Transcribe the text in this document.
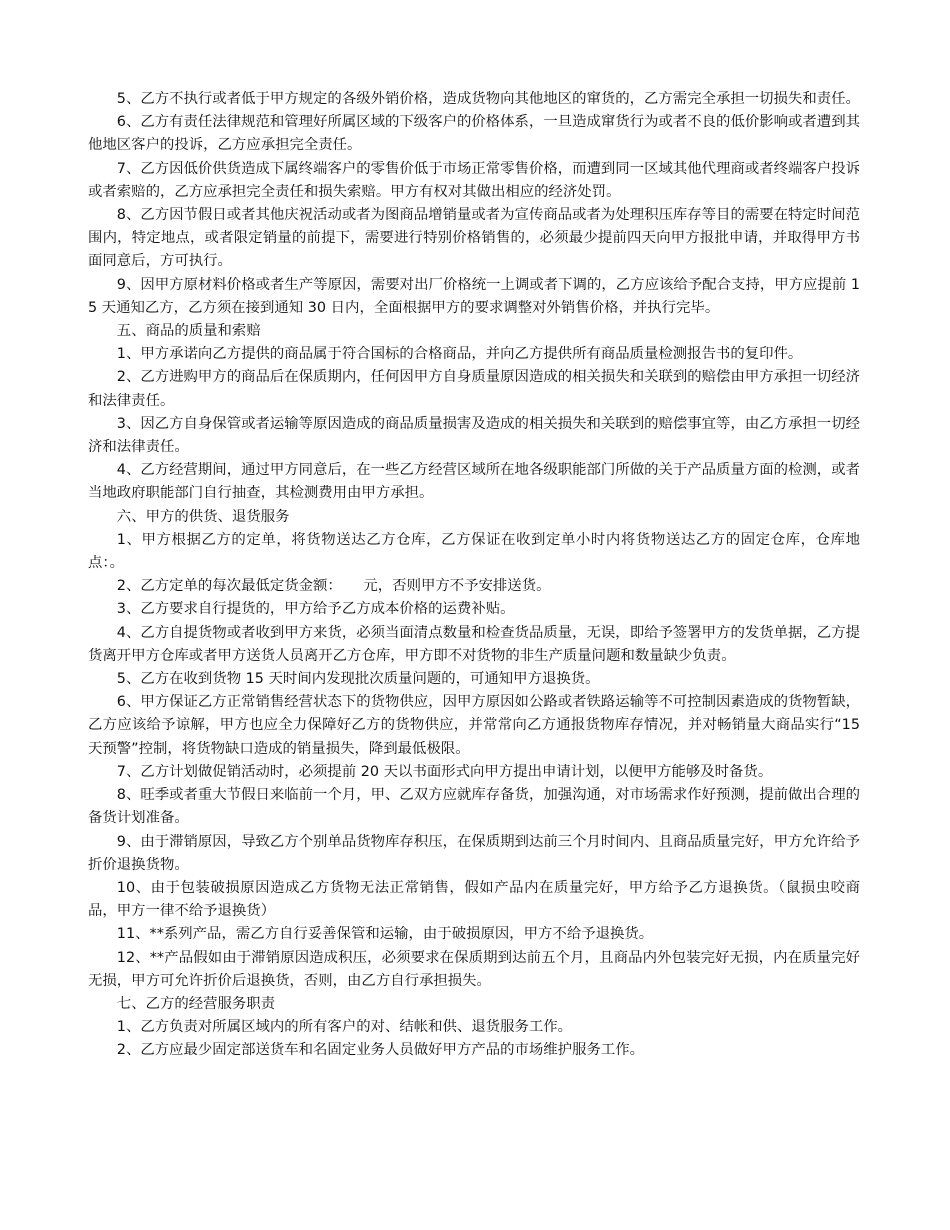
5、乙方不执行或者低于甲方规定的各级外销价格，造成货物向其他地区的窜货的，乙方需完全承担一切损失和责任。

6、乙方有责任法律规范和管理好所属区域的下级客户的价格体系，一旦造成窜货行为或者不良的低价影响或者遭到其他地区客户的投诉，乙方应承担完全责任。

7、乙方因低价供货造成下属终端客户的零售价低于市场正常零售价格，而遭到同一区域其他代理商或者终端客户投诉或者索赔的，乙方应承担完全责任和损失索赔。甲方有权对其做出相应的经济处罚。

8、乙方因节假日或者其他庆祝活动或者为图商品增销量或者为宣传商品或者为处理积压库存等目的需要在特定时间范围内，特定地点，或者限定销量的前提下，需要进行特别价格销售的，必须最少提前四天向甲方报批申请，并取得甲方书面同意后，方可执行。

9、因甲方原材料价格或者生产等原因，需要对出厂价格统一上调或者下调的，乙方应该给予配合支持，甲方应提前 15 天通知乙方，乙方须在接到通知 30 日内，全面根据甲方的要求调整对外销售价格，并执行完毕。

五、商品的质量和索赔

1、甲方承诺向乙方提供的商品属于符合国标的合格商品，并向乙方提供所有商品质量检测报告书的复印件。

2、乙方进购甲方的商品后在保质期内，任何因甲方自身质量原因造成的相关损失和关联到的赔偿由甲方承担一切经济和法律责任。

3、因乙方自身保管或者运输等原因造成的商品质量损害及造成的相关损失和关联到的赔偿事宜等，由乙方承担一切经济和法律责任。

4、乙方经营期间，通过甲方同意后，在一些乙方经营区域所在地各级职能部门所做的关于产品质量方面的检测，或者当地政府职能部门自行抽查，其检测费用由甲方承担。

六、甲方的供货、退货服务

1、甲方根据乙方的定单，将货物送达乙方仓库，乙方保证在收到定单小时内将货物送达乙方的固定仓库，仓库地点：。

2、乙方定单的每次最低定货金额：　　元，否则甲方不予安排送货。

3、乙方要求自行提货的，甲方给予乙方成本价格的运费补贴。

4、乙方自提货物或者收到甲方来货，必须当面清点数量和检查货品质量，无误，即给予签署甲方的发货单据，乙方提货离开甲方仓库或者甲方送货人员离开乙方仓库，甲方即不对货物的非生产质量问题和数量缺少负责。

5、乙方在收到货物 15 天时间内发现批次质量问题的，可通知甲方退换货。

6、甲方保证乙方正常销售经营状态下的货物供应，因甲方原因如公路或者铁路运输等不可控制因素造成的货物暂缺，乙方应该给予谅解，甲方也应全力保障好乙方的货物供应，并常常向乙方通报货物库存情况，并对畅销量大商品实行“15 天预警”控制，将货物缺口造成的销量损失，降到最低极限。

7、乙方计划做促销活动时，必须提前 20 天以书面形式向甲方提出申请计划，以便甲方能够及时备货。

8、旺季或者重大节假日来临前一个月，甲、乙双方应就库存备货，加强沟通，对市场需求作好预测，提前做出合理的备货计划准备。

9、由于滞销原因，导致乙方个别单品货物库存积压，在保质期到达前三个月时间内、且商品质量完好，甲方允许给予折价退换货物。

10、由于包装破损原因造成乙方货物无法正常销售，假如产品内在质量完好，甲方给予乙方退换货。（鼠损虫咬商品，甲方一律不给予退换货）

11、**系列产品，需乙方自行妥善保管和运输，由于破损原因，甲方不给予退换货。

12、**产品假如由于滞销原因造成积压，必须要求在保质期到达前五个月，且商品内外包装完好无损，内在质量完好无损，甲方可允许折价后退换货，否则，由乙方自行承担损失。

七、乙方的经营服务职责

1、乙方负责对所属区域内的所有客户的对、结帐和供、退货服务工作。

2、乙方应最少固定部送货车和名固定业务人员做好甲方产品的市场维护服务工作。
